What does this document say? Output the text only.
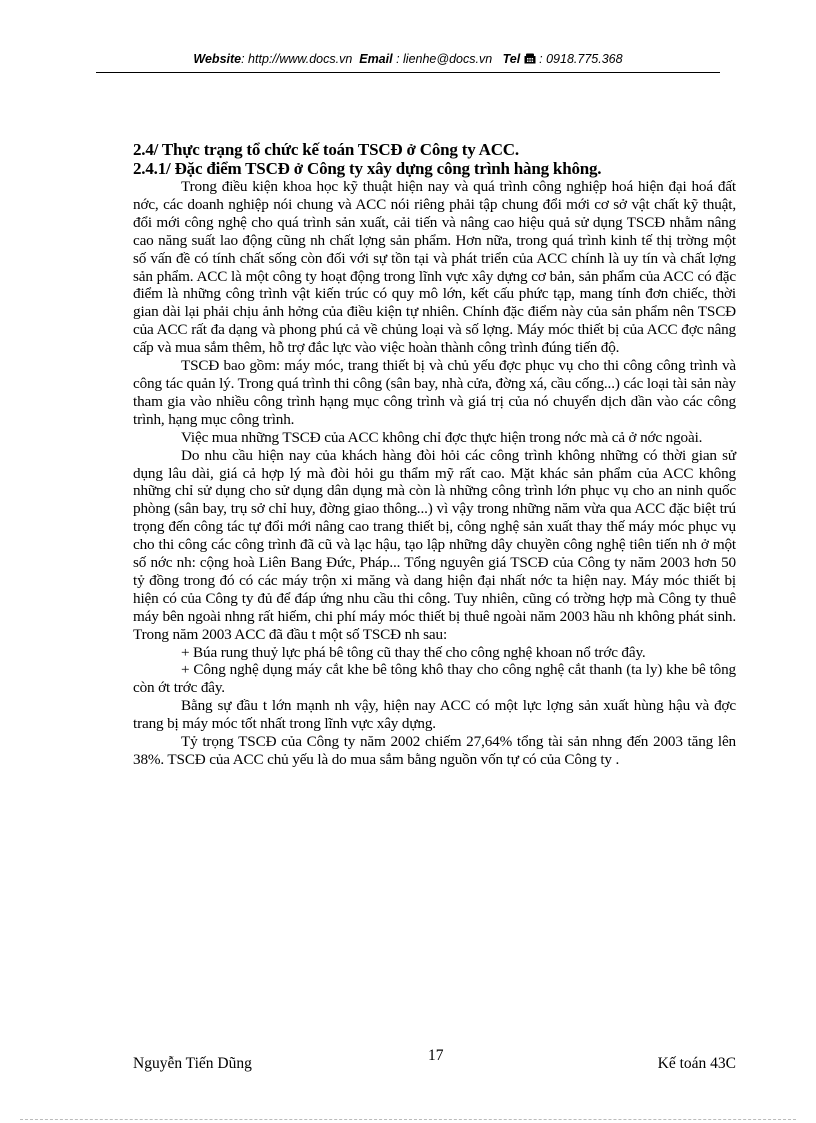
Website: http://www.docs.vn Email : lienhe@docs.vn Tel : 0918.775.368
2.4/ Thực trạng tổ chức kế toán TSCĐ ở Công ty ACC.
2.4.1/ Đặc điểm TSCĐ ở Công ty xây dựng công trình hàng không.

Trong điều kiện khoa học kỹ thuật hiện nay và quá trình công nghiệp hoá hiện đại hoá đất nớc, các doanh nghiệp nói chung và ACC nói riêng phải tập chung đổi mới cơ sở vật chất kỹ thuật, đổi mới công nghệ cho quá trình sản xuất, cải tiến và nâng cao hiệu quả sử dụng TSCĐ nhằm nâng cao năng suất lao động cũng nh chất lợng sản phẩm. Hơn nữa, trong quá trình kinh tế thị trờng một số vấn đề có tính chất sống còn đối với sự tồn tại và phát triển của ACC chính là uy tín và chất lợng sản phẩm. ACC là một công ty hoạt động trong lĩnh vực xây dựng cơ bản, sản phẩm của ACC có đặc điểm là những công trình vật kiến trúc có quy mô lớn, kết cấu phức tạp, mang tính đơn chiếc, thời gian dài lại phải chịu ảnh hởng của điều kiện tự nhiên. Chính đặc điểm này của sản phẩm nên TSCĐ của ACC rất đa dạng và phong phú cả về chủng loại và số lợng. Máy móc thiết bị của ACC đợc nâng cấp và mua sắm thêm, hỗ trợ đắc lực vào việc hoàn thành công trình đúng tiến độ.

TSCĐ bao gồm: máy móc, trang thiết bị và chủ yếu đợc phục vụ cho thi công công trình và công tác quản lý. Trong quá trình thi công (sân bay, nhà cửa, đờng xá, cầu cống...) các loại tài sản này tham gia vào nhiều công trình hạng mục công trình và giá trị của nó chuyển dịch dần vào các công trình, hạng mục công trình.

Việc mua những TSCĐ của ACC không chỉ đợc thực hiện trong nớc mà cả ở nớc ngoài.

Do nhu cầu hiện nay của khách hàng đòi hỏi các công trình không những có thời gian sử dụng lâu dài, giá cả hợp lý mà đòi hỏi gu thẩm mỹ rất cao. Mặt khác sản phẩm của ACC không những chỉ sử dụng cho sử dụng dân dụng mà còn là những công trình lớn phục vụ cho an ninh quốc phòng (sân bay, trụ sở chỉ huy, đờng giao thông...) vì vậy trong những năm vừa qua ACC đặc biệt trú trọng đến công tác tự đổi mới nâng cao trang thiết bị, công nghệ sản xuất thay thế máy móc phục vụ cho thi công các công trình đã cũ và lạc hậu, tạo lập những dây chuyền công nghệ tiên tiến nh ở một số nớc nh: cộng hoà Liên Bang Đức, Pháp... Tổng nguyên giá TSCĐ của Công ty năm 2003 hơn 50 tỷ đồng trong đó có các máy trộn xi măng và dang hiện đại nhất nớc ta hiện nay. Máy móc thiết bị hiện có của Công ty đủ để đáp ứng nhu cầu thi công. Tuy nhiên, cũng có trờng hợp mà Công ty thuê máy bên ngoài nhng rất hiếm, chi phí máy móc thiết bị thuê ngoài năm 2003 hầu nh không phát sinh. Trong năm 2003 ACC đã đầu t một số TSCĐ nh sau:

+ Búa rung thuỷ lực phá bê tông cũ thay thế cho công nghệ khoan nổ trớc đây.

+ Công nghệ dụng máy cắt khe bê tông khô thay cho công nghệ cắt thanh (ta ly) khe bê tông còn ớt trớc đây.

Bằng sự đầu t lớn mạnh nh vậy, hiện nay ACC có một lực lợng sản xuất hùng hậu và đợc trang bị máy móc tốt nhất trong lĩnh vực xây dựng.

Tỷ trọng TSCĐ của Công ty năm 2002 chiếm 27,64% tổng tài sản nhng đến 2003 tăng lên 38%. TSCĐ của ACC chủ yếu là do mua sắm bằng nguồn vốn tự có của Công ty .

Nguyễn Tiến Dũng	17	Kế toán 43C
